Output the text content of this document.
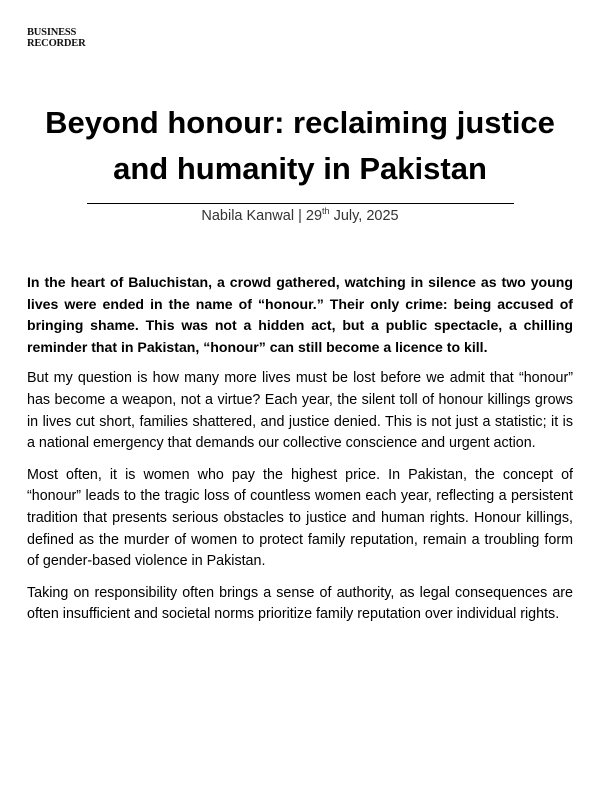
BUSINESS
RECORDER
Beyond honour: reclaiming justice and humanity in Pakistan
Nabila Kanwal | 29th July, 2025

In the heart of Baluchistan, a crowd gathered, watching in silence as two young lives were ended in the name of “honour.” Their only crime: being accused of bringing shame. This was not a hidden act, but a public spectacle, a chilling reminder that in Pakistan, “honour” can still become a licence to kill.

But my question is how many more lives must be lost before we admit that “honour” has become a weapon, not a virtue? Each year, the silent toll of honour killings grows in lives cut short, families shattered, and justice denied. This is not just a statistic; it is a national emergency that demands our collective conscience and urgent action.

Most often, it is women who pay the highest price. In Pakistan, the concept of “honour” leads to the tragic loss of countless women each year, reflecting a persistent tradition that presents serious obstacles to justice and human rights. Honour killings, defined as the murder of women to protect family reputation, remain a troubling form of gender-based violence in Pakistan.

Taking on responsibility often brings a sense of authority, as legal consequences are often insufficient and societal norms prioritize family reputation over individual rights.
